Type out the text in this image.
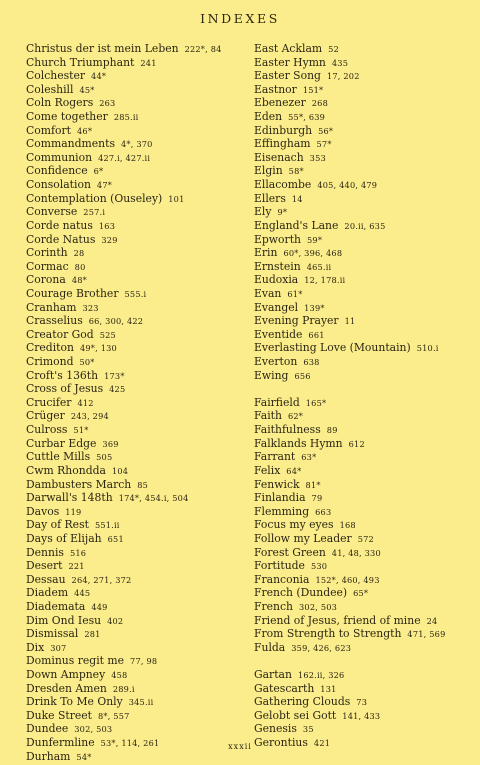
INDEXES
Christus der ist mein Leben 222*, 84
Church Triumphant 241
Colchester 44*
Coleshill 45*
Coln Rogers 263
Come together 285.ii
Comfort 46*
Commandments 4*, 370
Communion 427.i, 427.ii
Confidence 6*
Consolation 47*
Contemplation (Ouseley) 101
Converse 257.i
Corde natus 163
Corde Natus 329
Corinth 28
Cormac 80
Corona 48*
Courage Brother 555.i
Cranham 323
Crasselius 66, 300, 422
Creator God 525
Crediton 49*, 130
Crimond 50*
Croft's 136th 173*
Cross of Jesus 425
Crucifer 412
Crüger 243, 294
Culross 51*
Curbar Edge 369
Cuttle Mills 505
Cwm Rhondda 104
Dambusters March 85
Darwall's 148th 174*, 454.i, 504
Davos 119
Day of Rest 551.ii
Days of Elijah 651
Dennis 516
Desert 221
Dessau 264, 271, 372
Diadem 445
Diademata 449
Dim Ond Iesu 402
Dismissal 281
Dix 307
Dominus regit me 77, 98
Down Ampney 458
Dresden Amen 289.i
Drink To Me Only 345.ii
Duke Street 8*, 557
Dundee 302, 503
Dunfermline 53*, 114, 261
Durham 54*
East Acklam 52
Easter Hymn 435
Easter Song 17, 202
Eastnor 151*
Ebenezer 268
Eden 55*, 639
Edinburgh 56*
Effingham 57*
Eisenach 353
Elgin 58*
Ellacombe 405, 440, 479
Ellers 14
Ely 9*
England's Lane 20.ii, 635
Epworth 59*
Erin 60*, 396, 468
Ernstein 465.ii
Eudoxia 12, 178.ii
Evan 61*
Evangel 139*
Evening Prayer 11
Eventide 661
Everlasting Love (Mountain) 510.i
Everton 638
Ewing 656
Fairfield 165*
Faith 62*
Faithfulness 89
Falklands Hymn 612
Farrant 63*
Felix 64*
Fenwick 81*
Finlandia 79
Flemming 663
Focus my eyes 168
Follow my Leader 572
Forest Green 41, 48, 330
Fortitude 530
Franconia 152*, 460, 493
French (Dundee) 65*
French 302, 503
Friend of Jesus, friend of mine 24
From Strength to Strength 471, 569
Fulda 359, 426, 623
Gartan 162.ii, 326
Gatescarth 131
Gathering Clouds 73
Gelobt sei Gott 141, 433
Genesis 35
Gerontius 421
xxxii
